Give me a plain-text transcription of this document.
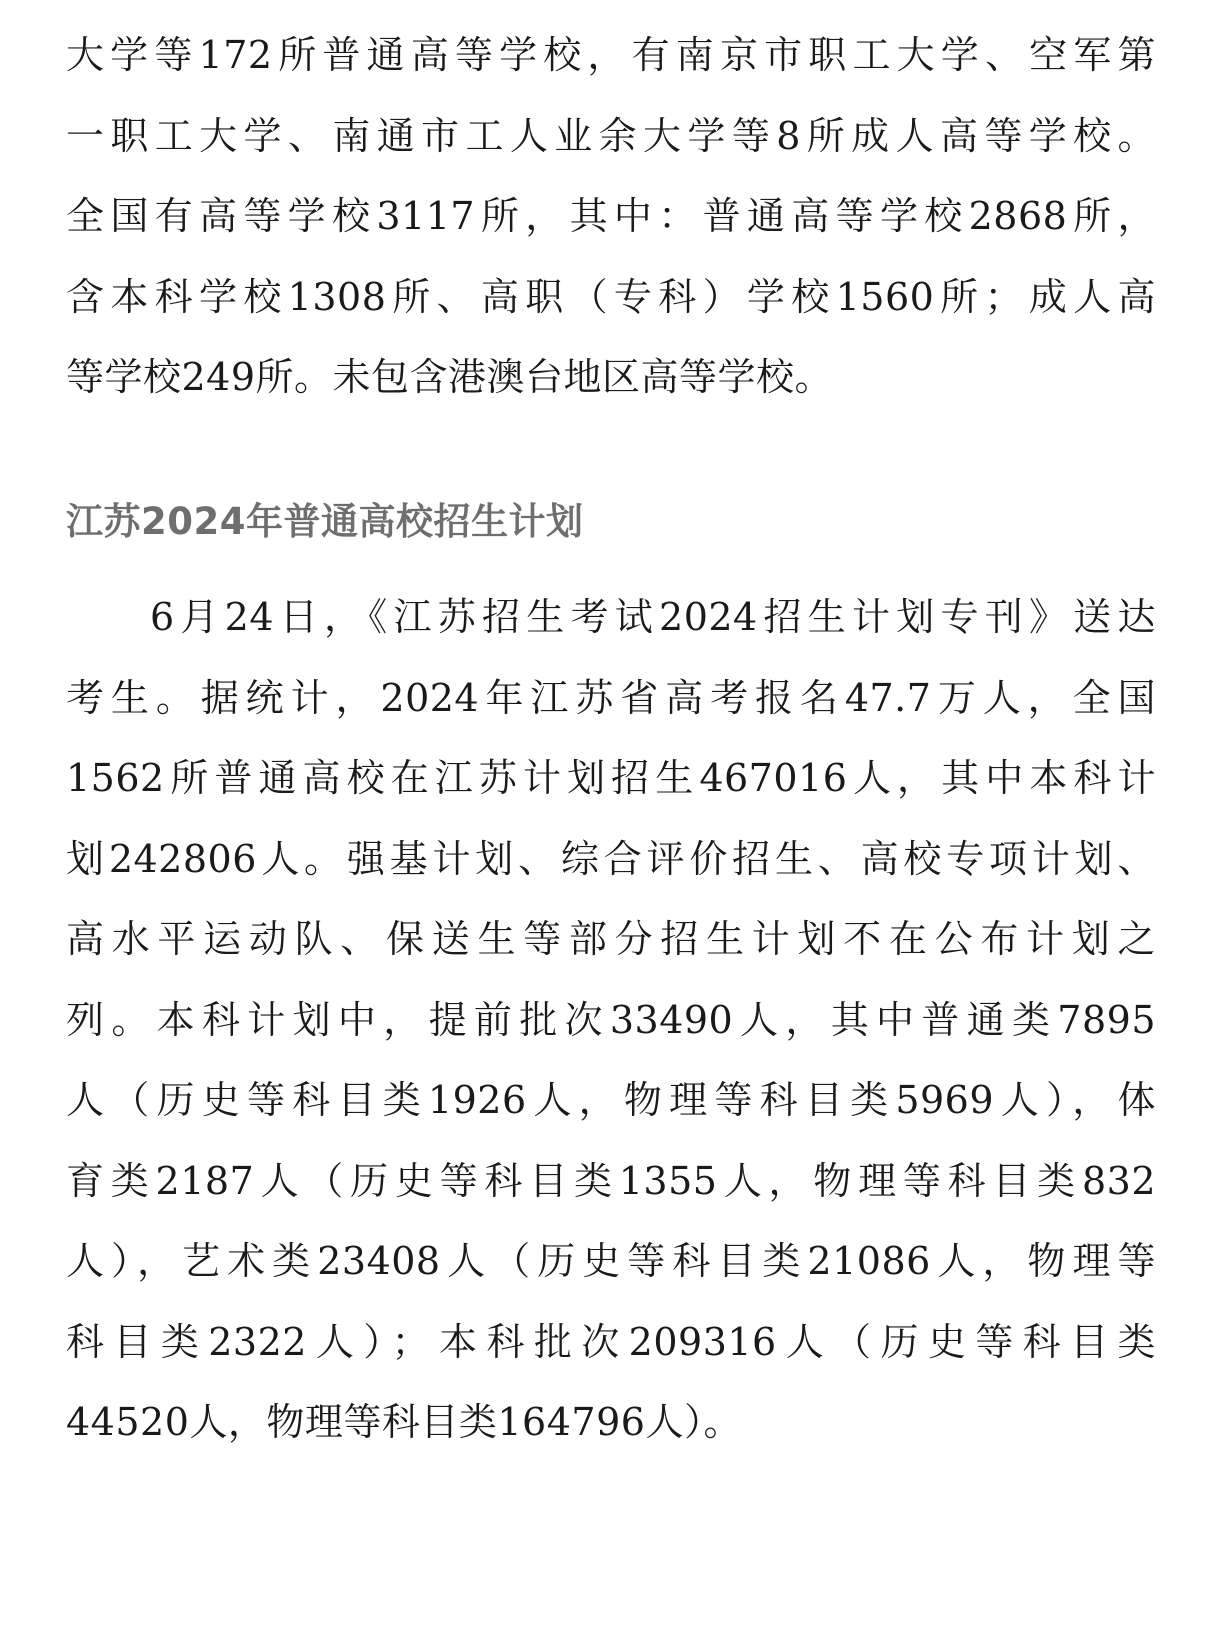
大学等172所普通高等学校，有南京市职工大学、空军第
一职工大学、南通市工人业余大学等8所成人高等学校。
全国有高等学校3117所，其中：普通高等学校2868所，
含本科学校1308所、高职（专科）学校1560所；成人高
等学校249所。未包含港澳台地区高等学校。
江苏2024年普通高校招生计划
6月24日，《江苏招生考试2024招生计划专刊》送达
考生。据统计，2024年江苏省高考报名47.7万人，全国
1562所普通高校在江苏计划招生467016人，其中本科计
划242806人。强基计划、综合评价招生、高校专项计划、
高水平运动队、保送生等部分招生计划不在公布计划之
列。本科计划中，提前批次33490人，其中普通类7895
人（历史等科目类1926人，物理等科目类5969人），体
育类2187人（历史等科目类1355人，物理等科目类832
人），艺术类23408人（历史等科目类21086人，物理等
科目类2322人）；本科批次209316人（历史等科目类
44520人，物理等科目类164796人）。
